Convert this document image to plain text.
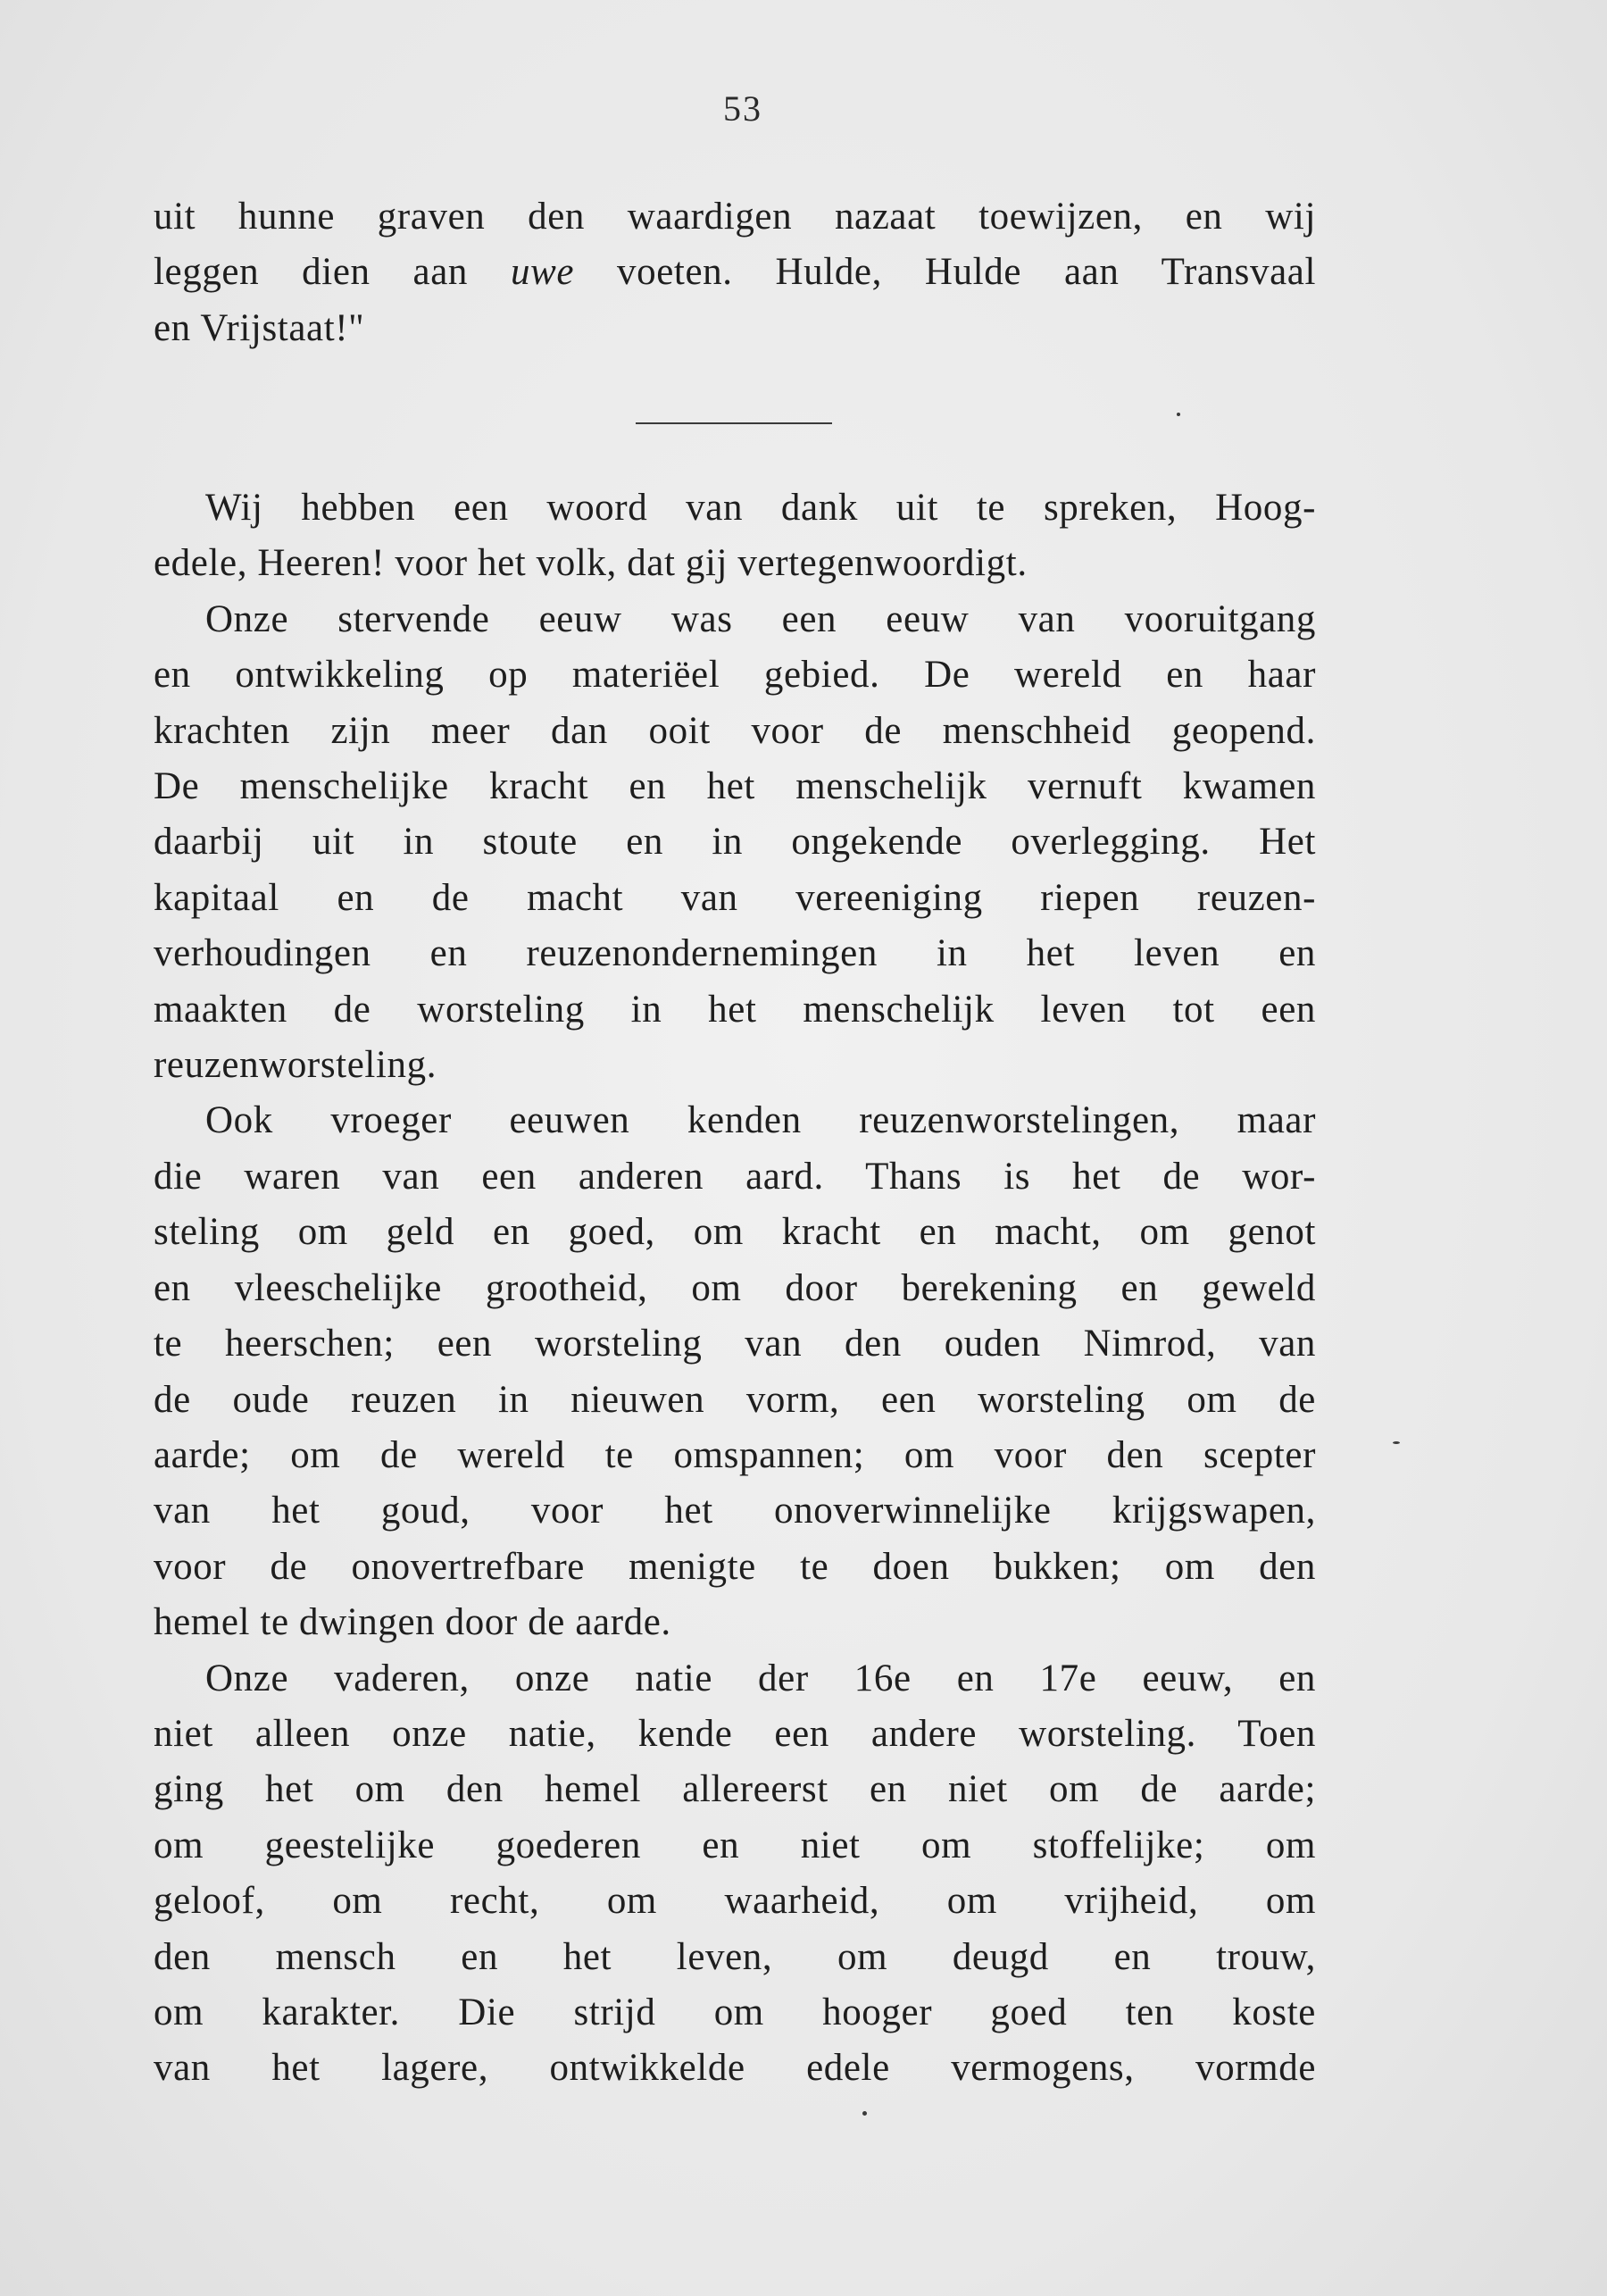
53
uit hunne graven den waardigen nazaat toewijzen, en wij
leggen dien aan uwe voeten. Hulde, Hulde aan Transvaal
en Vrijstaat!"
Wij hebben een woord van dank uit te spreken, Hoog-
edele, Heeren! voor het volk, dat gij vertegenwoordigt.
Onze stervende eeuw was een eeuw van vooruitgang
en ontwikkeling op materiëel gebied. De wereld en haar
krachten zijn meer dan ooit voor de menschheid geopend.
De menschelijke kracht en het menschelijk vernuft kwamen
daarbij uit in stoute en in ongekende overlegging. Het
kapitaal en de macht van vereeniging riepen reuzen-
verhoudingen en reuzenondernemingen in het leven en
maakten de worsteling in het menschelijk leven tot een
reuzenworsteling.
Ook vroeger eeuwen kenden reuzenworstelingen, maar
die waren van een anderen aard. Thans is het de wor-
steling om geld en goed, om kracht en macht, om genot
en vleeschelijke grootheid, om door berekening en geweld
te heerschen; een worsteling van den ouden Nimrod, van
de oude reuzen in nieuwen vorm, een worsteling om de
aarde; om de wereld te omspannen; om voor den scepter
van het goud, voor het onoverwinnelijke krijgswapen,
voor de onovertrefbare menigte te doen bukken; om den
hemel te dwingen door de aarde.
Onze vaderen, onze natie der 16e en 17e eeuw, en
niet alleen onze natie, kende een andere worsteling. Toen
ging het om den hemel allereerst en niet om de aarde;
om geestelijke goederen en niet om stoffelijke; om
geloof, om recht, om waarheid, om vrijheid, om
den mensch en het leven, om deugd en trouw,
om karakter. Die strijd om hooger goed ten koste
van het lagere, ontwikkelde edele vermogens, vormde
